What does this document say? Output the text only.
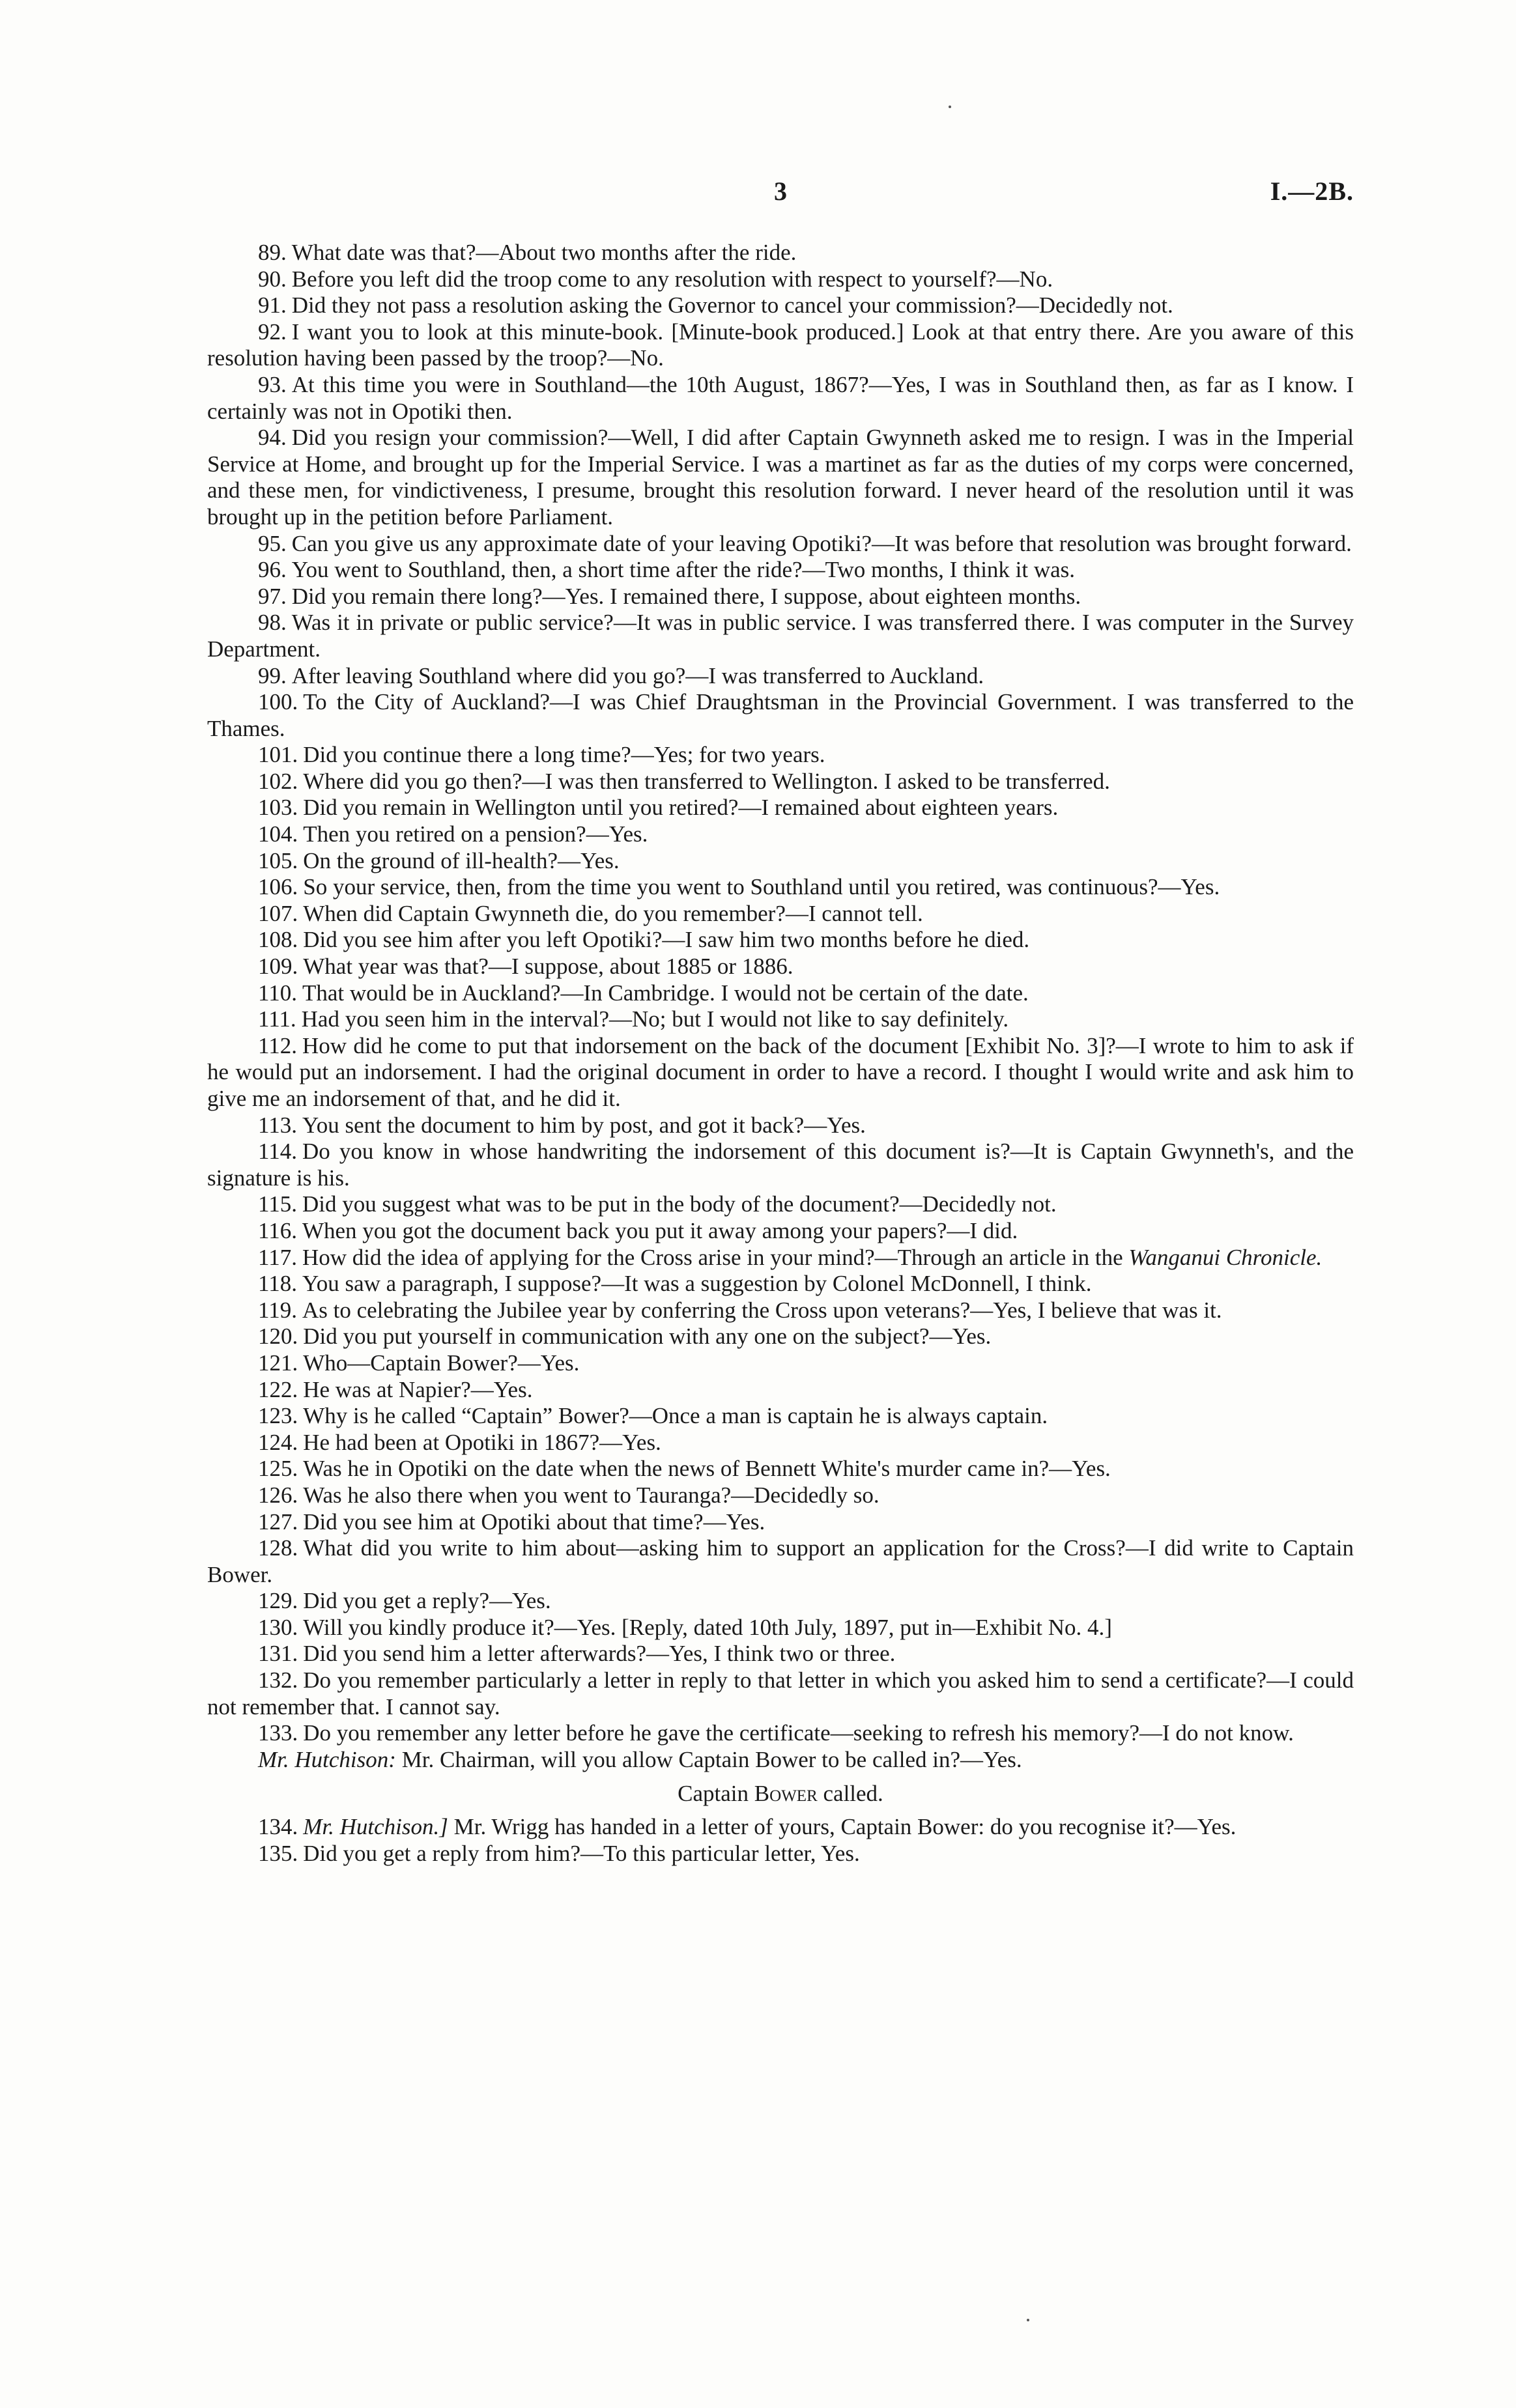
3	I.—2B.

89. What date was that?—About two months after the ride.

90. Before you left did the troop come to any resolution with respect to yourself?—No.

91. Did they not pass a resolution asking the Governor to cancel your commission?—Decidedly not.

92. I want you to look at this minute-book. [Minute-book produced.] Look at that entry there. Are you aware of this resolution having been passed by the troop?—No.

93. At this time you were in Southland—the 10th August, 1867?—Yes, I was in Southland then, as far as I know. I certainly was not in Opotiki then.

94. Did you resign your commission?—Well, I did after Captain Gwynneth asked me to resign. I was in the Imperial Service at Home, and brought up for the Imperial Service. I was a martinet as far as the duties of my corps were concerned, and these men, for vindictiveness, I presume, brought this resolution forward. I never heard of the resolution until it was brought up in the petition before Parliament.

95. Can you give us any approximate date of your leaving Opotiki?—It was before that resolution was brought forward.

96. You went to Southland, then, a short time after the ride?—Two months, I think it was.

97. Did you remain there long?—Yes. I remained there, I suppose, about eighteen months.

98. Was it in private or public service?—It was in public service. I was transferred there. I was computer in the Survey Department.

99. After leaving Southland where did you go?—I was transferred to Auckland.

100. To the City of Auckland?—I was Chief Draughtsman in the Provincial Government. I was transferred to the Thames.

101. Did you continue there a long time?—Yes; for two years.

102. Where did you go then?—I was then transferred to Wellington. I asked to be transferred.

103. Did you remain in Wellington until you retired?—I remained about eighteen years.

104. Then you retired on a pension?—Yes.

105. On the ground of ill-health?—Yes.

106. So your service, then, from the time you went to Southland until you retired, was continuous?—Yes.

107. When did Captain Gwynneth die, do you remember?—I cannot tell.

108. Did you see him after you left Opotiki?—I saw him two months before he died.

109. What year was that?—I suppose, about 1885 or 1886.

110. That would be in Auckland?—In Cambridge. I would not be certain of the date.

111. Had you seen him in the interval?—No; but I would not like to say definitely.

112. How did he come to put that indorsement on the back of the document [Exhibit No. 3]?—I wrote to him to ask if he would put an indorsement. I had the original document in order to have a record. I thought I would write and ask him to give me an indorsement of that, and he did it.

113. You sent the document to him by post, and got it back?—Yes.

114. Do you know in whose handwriting the indorsement of this document is?—It is Captain Gwynneth's, and the signature is his.

115. Did you suggest what was to be put in the body of the document?—Decidedly not.

116. When you got the document back you put it away among your papers?—I did.

117. How did the idea of applying for the Cross arise in your mind?—Through an article in the Wanganui Chronicle.

118. You saw a paragraph, I suppose?—It was a suggestion by Colonel McDonnell, I think.

119. As to celebrating the Jubilee year by conferring the Cross upon veterans?—Yes, I believe that was it.

120. Did you put yourself in communication with any one on the subject?—Yes.

121. Who—Captain Bower?—Yes.

122. He was at Napier?—Yes.

123. Why is he called “Captain” Bower?—Once a man is captain he is always captain.

124. He had been at Opotiki in 1867?—Yes.

125. Was he in Opotiki on the date when the news of Bennett White's murder came in?—Yes.

126. Was he also there when you went to Tauranga?—Decidedly so.

127. Did you see him at Opotiki about that time?—Yes.

128. What did you write to him about—asking him to support an application for the Cross?—I did write to Captain Bower.

129. Did you get a reply?—Yes.

130. Will you kindly produce it?—Yes. [Reply, dated 10th July, 1897, put in—Exhibit No. 4.]

131. Did you send him a letter afterwards?—Yes, I think two or three.

132. Do you remember particularly a letter in reply to that letter in which you asked him to send a certificate?—I could not remember that. I cannot say.

133. Do you remember any letter before he gave the certificate—seeking to refresh his memory?—I do not know.

Mr. Hutchison: Mr. Chairman, will you allow Captain Bower to be called in?—Yes.

Captain Bower called.

134. Mr. Hutchison.] Mr. Wrigg has handed in a letter of yours, Captain Bower: do you recognise it?—Yes.

135. Did you get a reply from him?—To this particular letter, Yes.
